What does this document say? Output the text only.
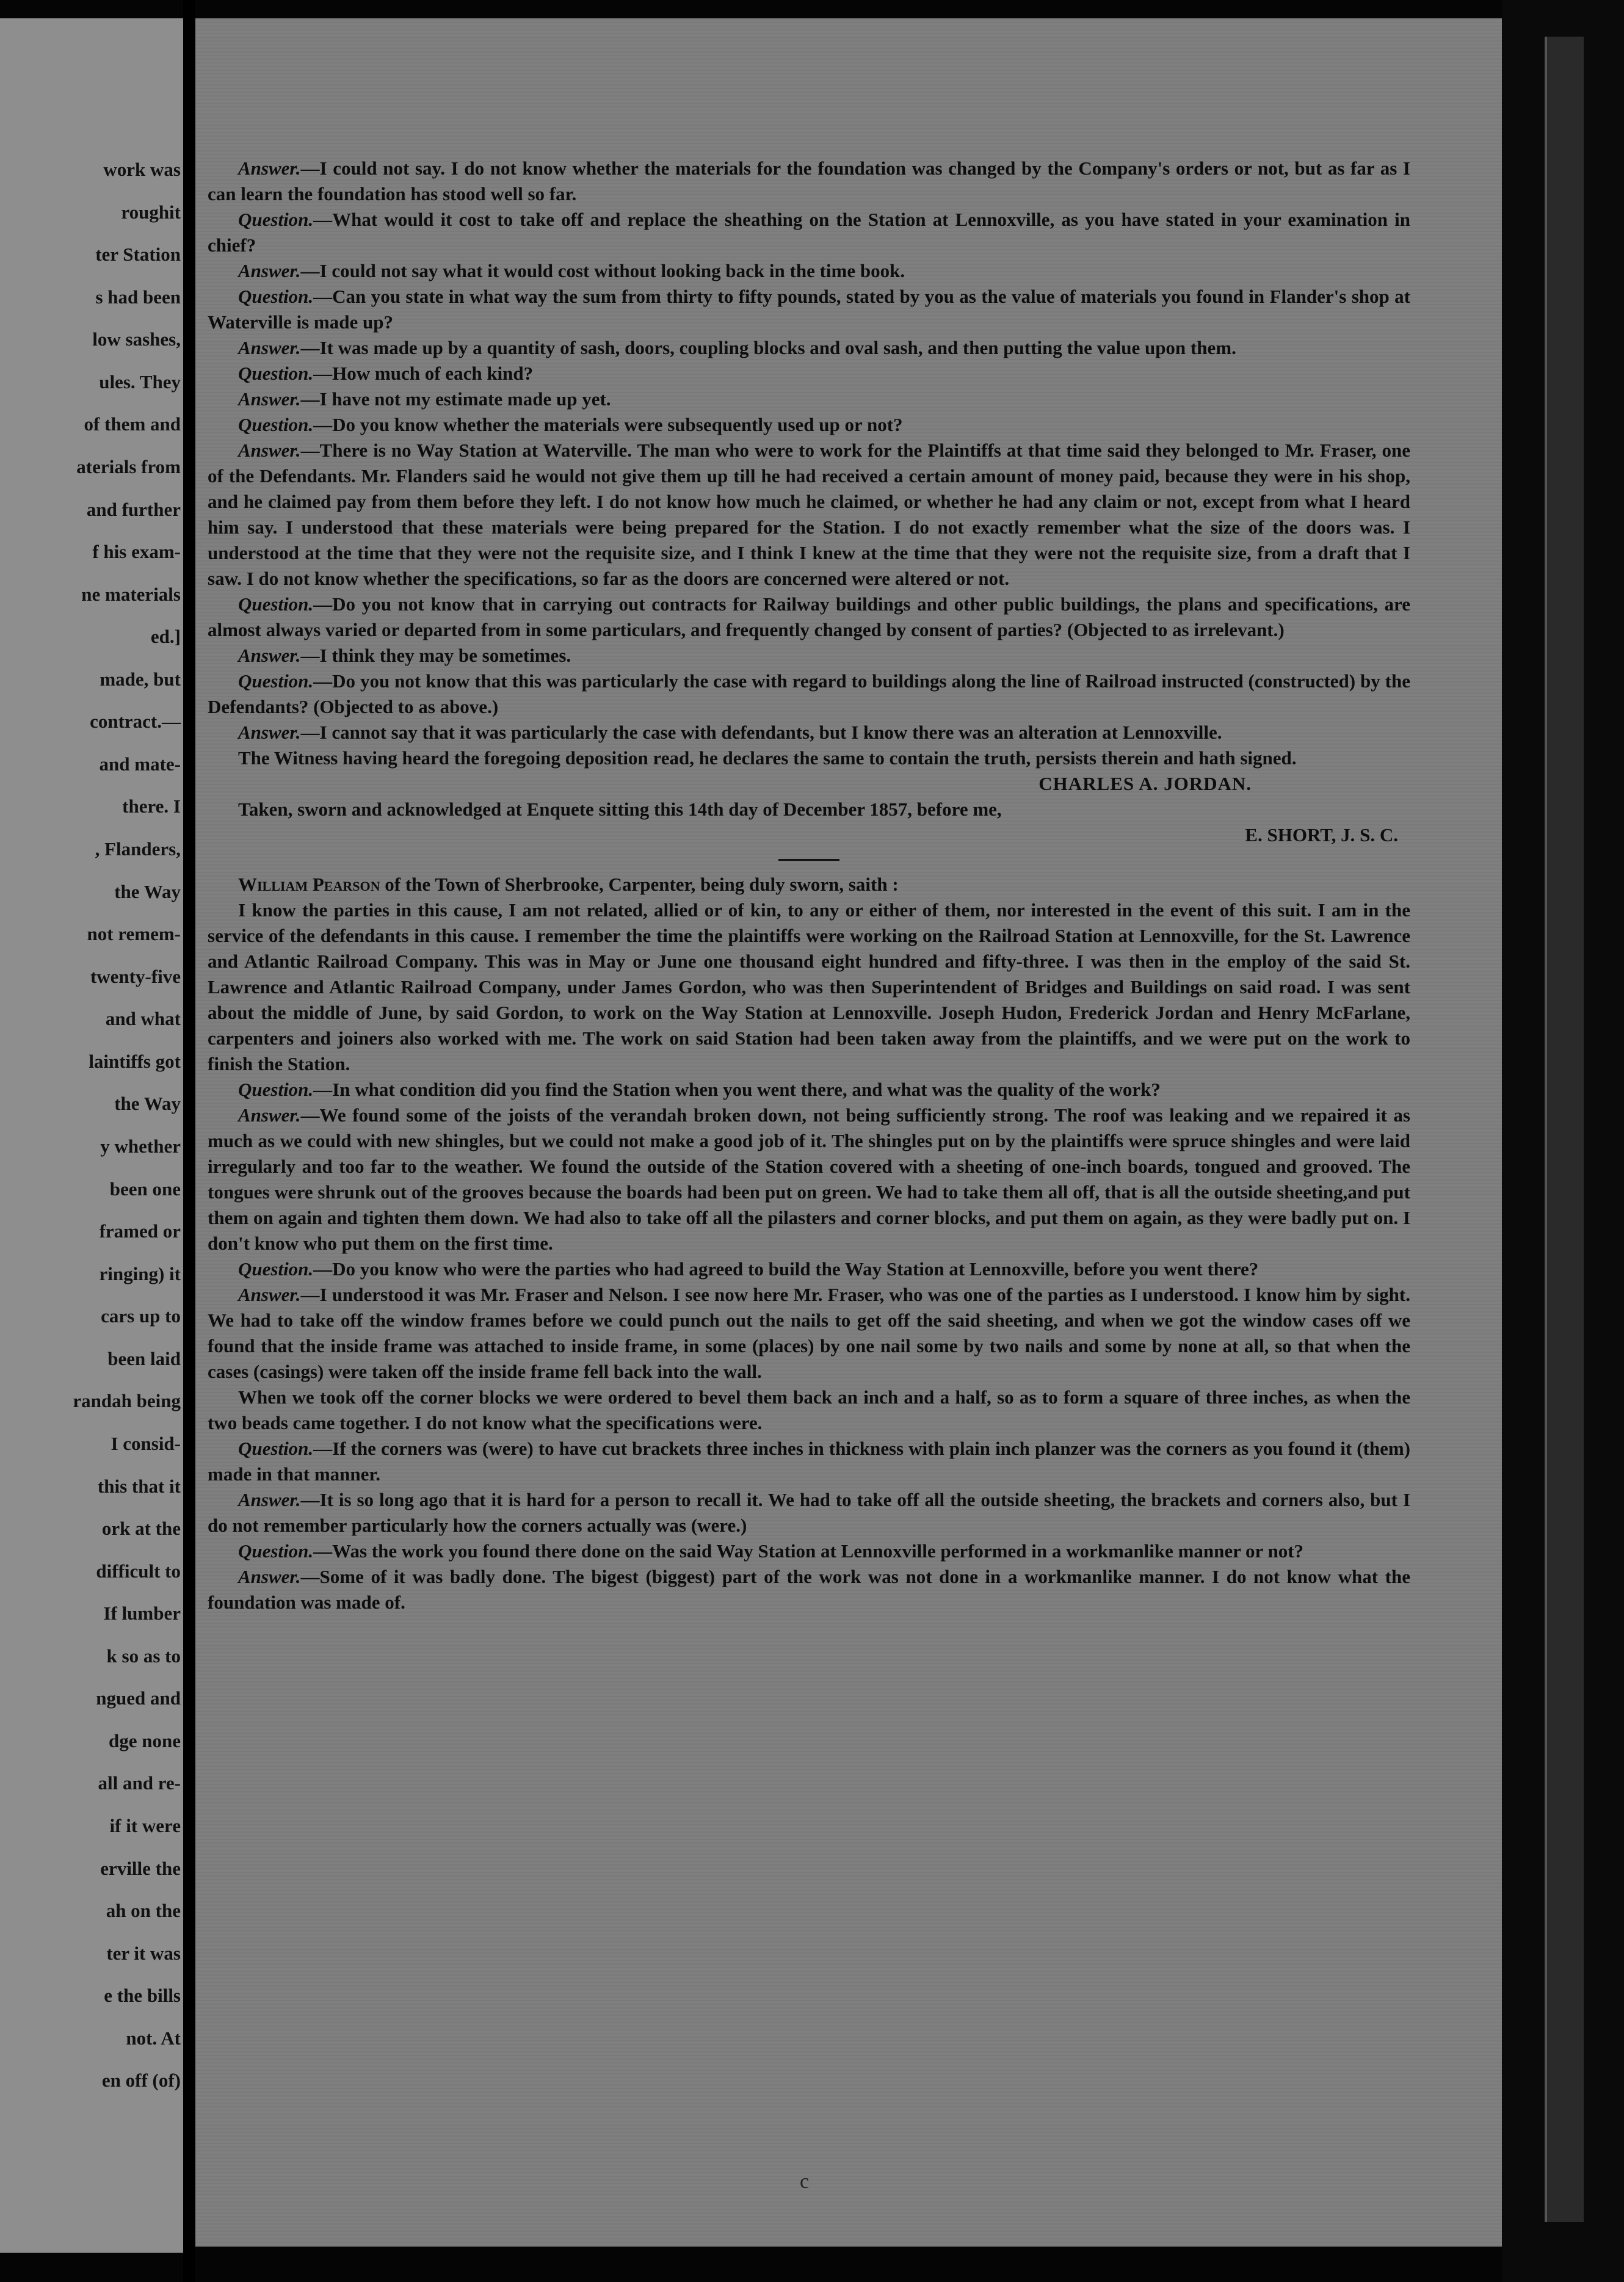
work was
roughit
ter Station
s had been
low sashes,
ules. They
of them and
aterials from
and further
f his exam-
ne materials
ed.]
made, but
contract.—
and mate-
there. I
, Flanders,
the Way
not remem-
twenty-five
and what
laintiffs got
the Way
y whether
been one
framed or
ringing) it
cars up to
been laid
randah being
I consid-
this that it
ork at the
difficult to
If lumber
k so as to
ngued and
dge none
all and re-
if it were
erville the
ah on the
ter it was
e the bills
not. At
en off (of)

Answer.—I could not say. I do not know whether the materials for the foundation was changed by the Company's orders or not, but as far as I can learn the foundation has stood well so far.

Question.—What would it cost to take off and replace the sheathing on the Station at Lennoxville, as you have stated in your examination in chief?

Answer.—I could not say what it would cost without looking back in the time book.

Question.—Can you state in what way the sum from thirty to fifty pounds, stated by you as the value of materials you found in Flander's shop at Waterville is made up?

Answer.—It was made up by a quantity of sash, doors, coupling blocks and oval sash, and then putting the value upon them.

Question.—How much of each kind?

Answer.—I have not my estimate made up yet.

Question.—Do you know whether the materials were subsequently used up or not?

Answer.—There is no Way Station at Waterville. The man who were to work for the Plaintiffs at that time said they belonged to Mr. Fraser, one of the Defendants. Mr. Flanders said he would not give them up till he had received a certain amount of money paid, because they were in his shop, and he claimed pay from them before they left. I do not know how much he claimed, or whether he had any claim or not, except from what I heard him say. I understood that these materials were being prepared for the Station. I do not exactly remember what the size of the doors was. I understood at the time that they were not the requisite size, and I think I knew at the time that they were not the requisite size, from a draft that I saw. I do not know whether the specifications, so far as the doors are concerned were altered or not.

Question.—Do you not know that in carrying out contracts for Railway buildings and other public buildings, the plans and specifications, are almost always varied or departed from in some particulars, and frequently changed by consent of parties? (Objected to as irrelevant.)

Answer.—I think they may be sometimes.

Question.—Do you not know that this was particularly the case with regard to buildings along the line of Railroad instructed (constructed) by the Defendants? (Objected to as above.)

Answer.—I cannot say that it was particularly the case with defendants, but I know there was an alteration at Lennoxville.

The Witness having heard the foregoing deposition read, he declares the same to contain the truth, persists therein and hath signed.

CHARLES A. JORDAN.

Taken, sworn and acknowledged at Enquete sitting this 14th day of December 1857, before me,

E. SHORT, J. S. C.

William Pearson of the Town of Sherbrooke, Carpenter, being duly sworn, saith :

I know the parties in this cause, I am not related, allied or of kin, to any or either of them, nor interested in the event of this suit. I am in the service of the defendants in this cause. I remember the time the plaintiffs were working on the Railroad Station at Lennoxville, for the St. Lawrence and Atlantic Railroad Company. This was in May or June one thousand eight hundred and fifty-three. I was then in the employ of the said St. Lawrence and Atlantic Railroad Company, under James Gordon, who was then Superintendent of Bridges and Buildings on said road. I was sent about the middle of June, by said Gordon, to work on the Way Station at Lennoxville. Joseph Hudon, Frederick Jordan and Henry McFarlane, carpenters and joiners also worked with me. The work on said Station had been taken away from the plaintiffs, and we were put on the work to finish the Station.

Question.—In what condition did you find the Station when you went there, and what was the quality of the work?

Answer.—We found some of the joists of the verandah broken down, not being sufficiently strong. The roof was leaking and we repaired it as much as we could with new shingles, but we could not make a good job of it. The shingles put on by the plaintiffs were spruce shingles and were laid irregularly and too far to the weather. We found the outside of the Station covered with a sheeting of one-inch boards, tongued and grooved. The tongues were shrunk out of the grooves because the boards had been put on green. We had to take them all off, that is all the outside sheeting,and put them on again and tighten them down. We had also to take off all the pilasters and corner blocks, and put them on again, as they were badly put on. I don't know who put them on the first time.

Question.—Do you know who were the parties who had agreed to build the Way Station at Lennoxville, before you went there?

Answer.—I understood it was Mr. Fraser and Nelson. I see now here Mr. Fraser, who was one of the parties as I understood. I know him by sight. We had to take off the window frames before we could punch out the nails to get off the said sheeting, and when we got the window cases off we found that the inside frame was attached to inside frame, in some (places) by one nail some by two nails and some by none at all, so that when the cases (casings) were taken off the inside frame fell back into the wall.

When we took off the corner blocks we were ordered to bevel them back an inch and a half, so as to form a square of three inches, as when the two beads came together. I do not know what the specifications were.

Question.—If the corners was (were) to have cut brackets three inches in thickness with plain inch planzer was the corners as you found it (them) made in that manner.

Answer.—It is so long ago that it is hard for a person to recall it. We had to take off all the outside sheeting, the brackets and corners also, but I do not remember particularly how the corners actually was (were.)

Question.—Was the work you found there done on the said Way Station at Lennoxville performed in a workmanlike manner or not?

Answer.—Some of it was badly done. The bigest (biggest) part of the work was not done in a workmanlike manner. I do not know what the foundation was made of.

c
